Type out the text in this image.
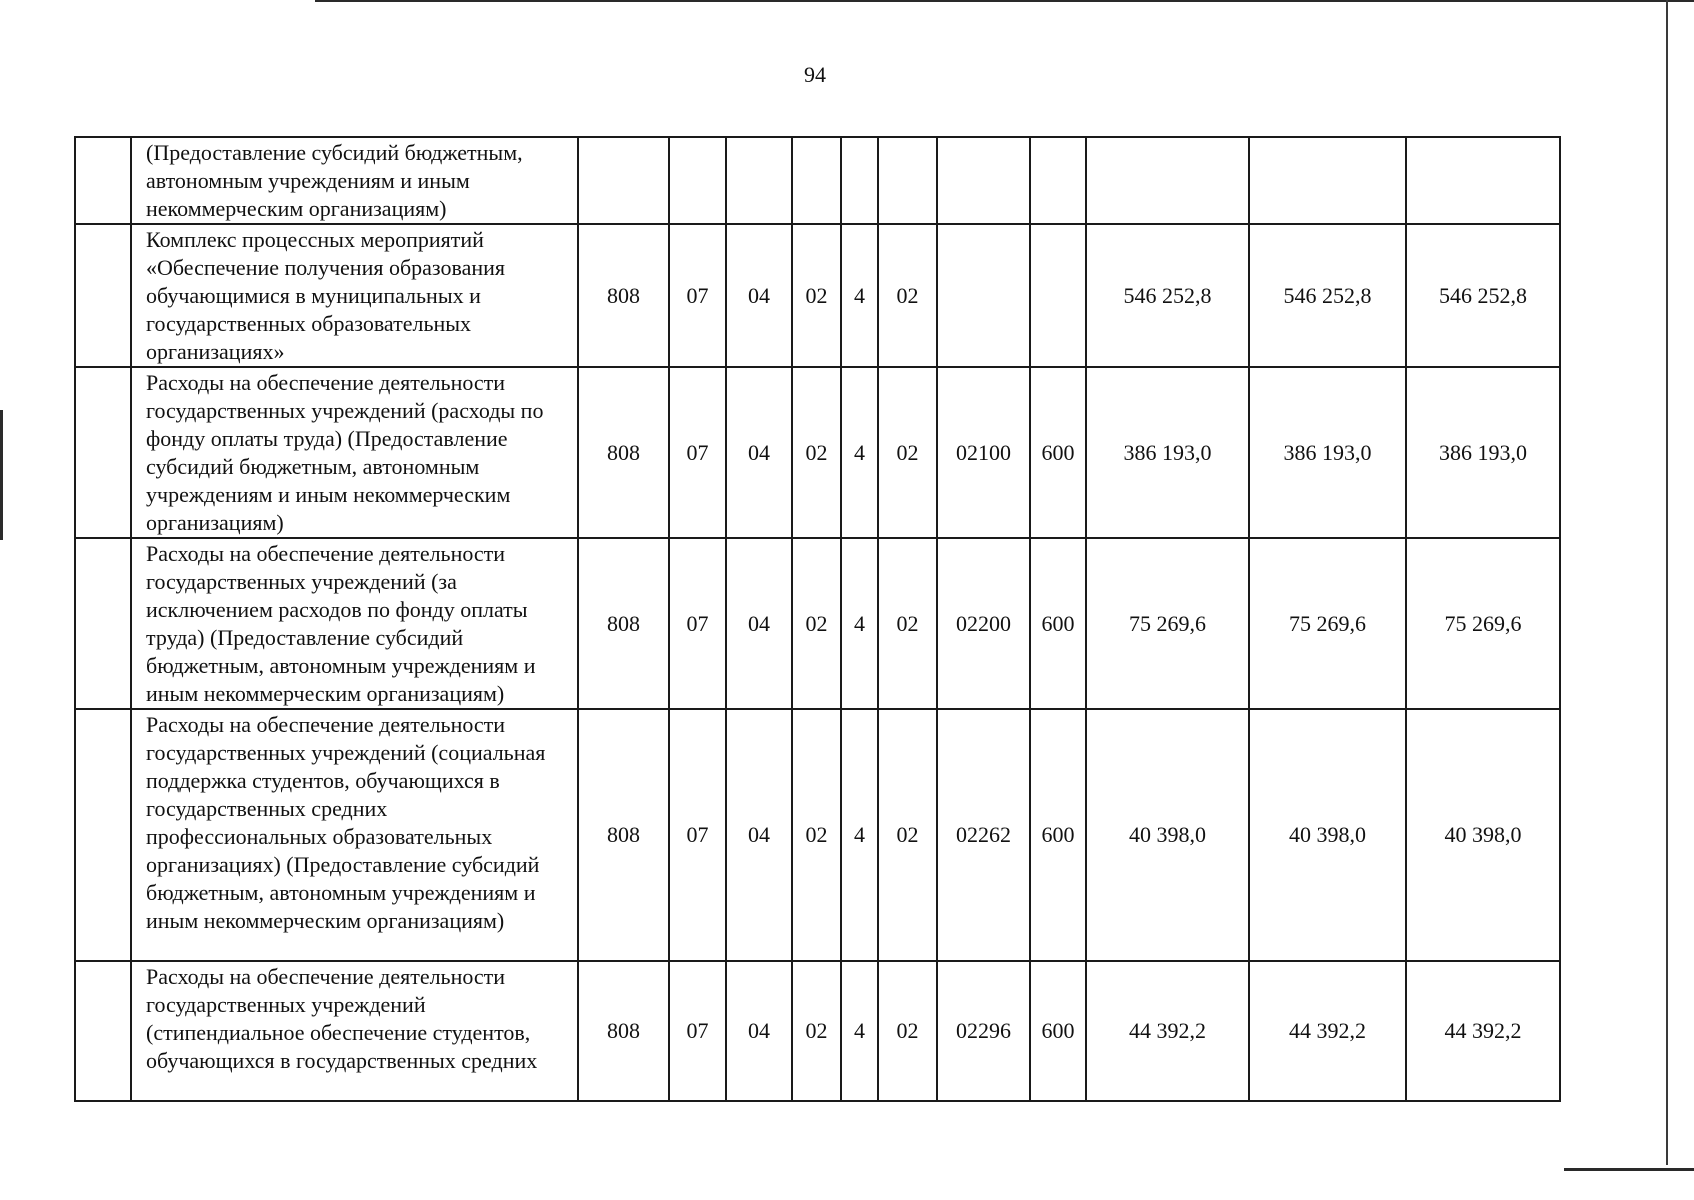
94
	(Предоставление субсидий бюджетным, автономным учреждениям и иным некоммерческим организациям)											
	Комплекс процессных мероприятий «Обеспечение получения образования обучающимися в муниципальных и государственных образовательных организациях»	808	07	04	02	4	02			546 252,8	546 252,8	546 252,8
	Расходы на обеспечение деятельности государственных учреждений (расходы по фонду оплаты труда) (Предоставление субсидий бюджетным, автономным учреждениям и иным некоммерческим организациям)	808	07	04	02	4	02	02100	600	386 193,0	386 193,0	386 193,0
	Расходы на обеспечение деятельности государственных учреждений (за исключением расходов по фонду оплаты труда) (Предоставление субсидий бюджетным, автономным учреждениям и иным некоммерческим организациям)	808	07	04	02	4	02	02200	600	75 269,6	75 269,6	75 269,6
	Расходы на обеспечение деятельности государственных учреждений (социальная поддержка студентов, обучающихся в государственных средних профессиональных образовательных организациях) (Предоставление субсидий бюджетным, автономным учреждениям и иным некоммерческим организациям)	808	07	04	02	4	02	02262	600	40 398,0	40 398,0	40 398,0
	Расходы на обеспечение деятельности государственных учреждений (стипендиальное обеспечение студентов, обучающихся в государственных средних	808	07	04	02	4	02	02296	600	44 392,2	44 392,2	44 392,2
